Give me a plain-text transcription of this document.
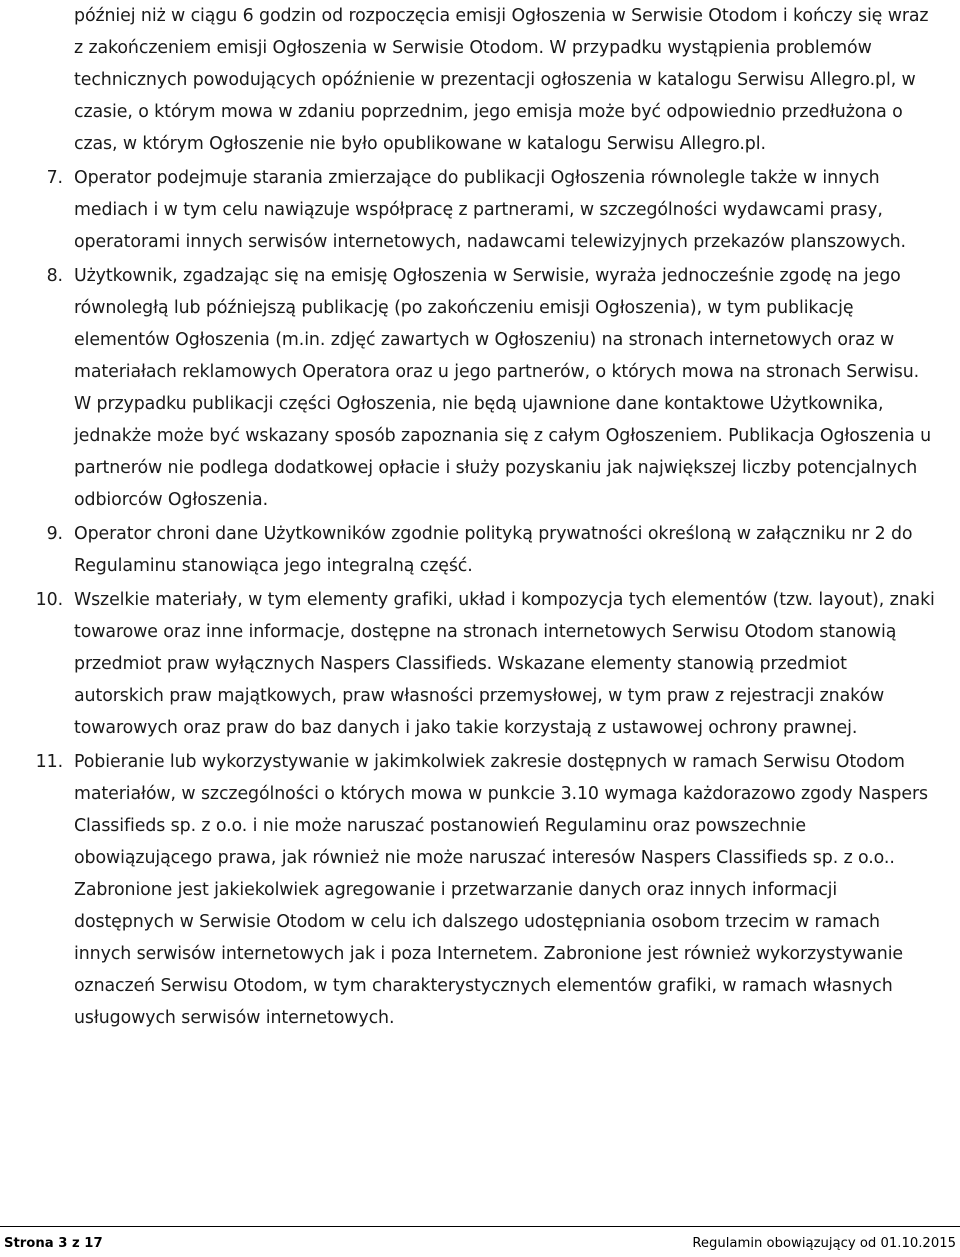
później niż w ciągu 6 godzin od rozpoczęcia emisji Ogłoszenia w Serwisie Otodom i kończy się wraz z zakończeniem emisji Ogłoszenia w Serwisie Otodom. W przypadku wystąpienia problemów technicznych powodujących opóźnienie w prezentacji ogłoszenia w katalogu Serwisu Allegro.pl, w czasie, o którym mowa w zdaniu poprzednim, jego emisja może być odpowiednio przedłużona o czas, w którym Ogłoszenie nie było opublikowane w katalogu Serwisu Allegro.pl.

7. Operator podejmuje starania zmierzające do publikacji Ogłoszenia równolegle także w innych mediach i w tym celu nawiązuje współpracę z partnerami, w szczególności wydawcami prasy, operatorami innych serwisów internetowych, nadawcami telewizyjnych przekazów planszowych.
8. Użytkownik, zgadzając się na emisję Ogłoszenia w Serwisie, wyraża jednocześnie zgodę na jego równoległą lub późniejszą publikację (po zakończeniu emisji Ogłoszenia), w tym publikację elementów Ogłoszenia (m.in. zdjęć zawartych w Ogłoszeniu) na stronach internetowych oraz w materiałach reklamowych Operatora oraz u jego partnerów, o których mowa na stronach Serwisu. W przypadku publikacji części Ogłoszenia, nie będą ujawnione dane kontaktowe Użytkownika, jednakże może być wskazany sposób zapoznania się z całym Ogłoszeniem. Publikacja Ogłoszenia u partnerów nie podlega dodatkowej opłacie i służy pozyskaniu jak największej liczby potencjalnych odbiorców Ogłoszenia.
9. Operator chroni dane Użytkowników zgodnie polityką prywatności określoną w załączniku nr 2 do Regulaminu stanowiąca jego integralną część.
10. Wszelkie materiały, w tym elementy grafiki, układ i kompozycja tych elementów (tzw. layout), znaki towarowe oraz inne informacje, dostępne na stronach internetowych Serwisu Otodom stanowią przedmiot praw wyłącznych Naspers Classifieds. Wskazane elementy stanowią przedmiot autorskich praw majątkowych, praw własności przemysłowej, w tym praw z rejestracji znaków towarowych oraz praw do baz danych i jako takie korzystają z ustawowej ochrony prawnej.
11. Pobieranie lub wykorzystywanie w jakimkolwiek zakresie dostępnych w ramach Serwisu Otodom materiałów, w szczególności o których mowa w punkcie 3.10 wymaga każdorazowo zgody Naspers Classifieds sp. z o.o. i nie może naruszać postanowień Regulaminu oraz powszechnie obowiązującego prawa, jak również nie może naruszać interesów Naspers Classifieds sp. z o.o.. Zabronione jest jakiekolwiek agregowanie i przetwarzanie danych oraz innych informacji dostępnych w Serwisie Otodom w celu ich dalszego udostępniania osobom trzecim w ramach innych serwisów internetowych jak i poza Internetem. Zabronione jest również wykorzystywanie oznaczeń Serwisu Otodom, w tym charakterystycznych elementów grafiki, w ramach własnych usługowych serwisów internetowych.
Strona 3 z 17	Regulamin obowiązujący od 01.10.2015
